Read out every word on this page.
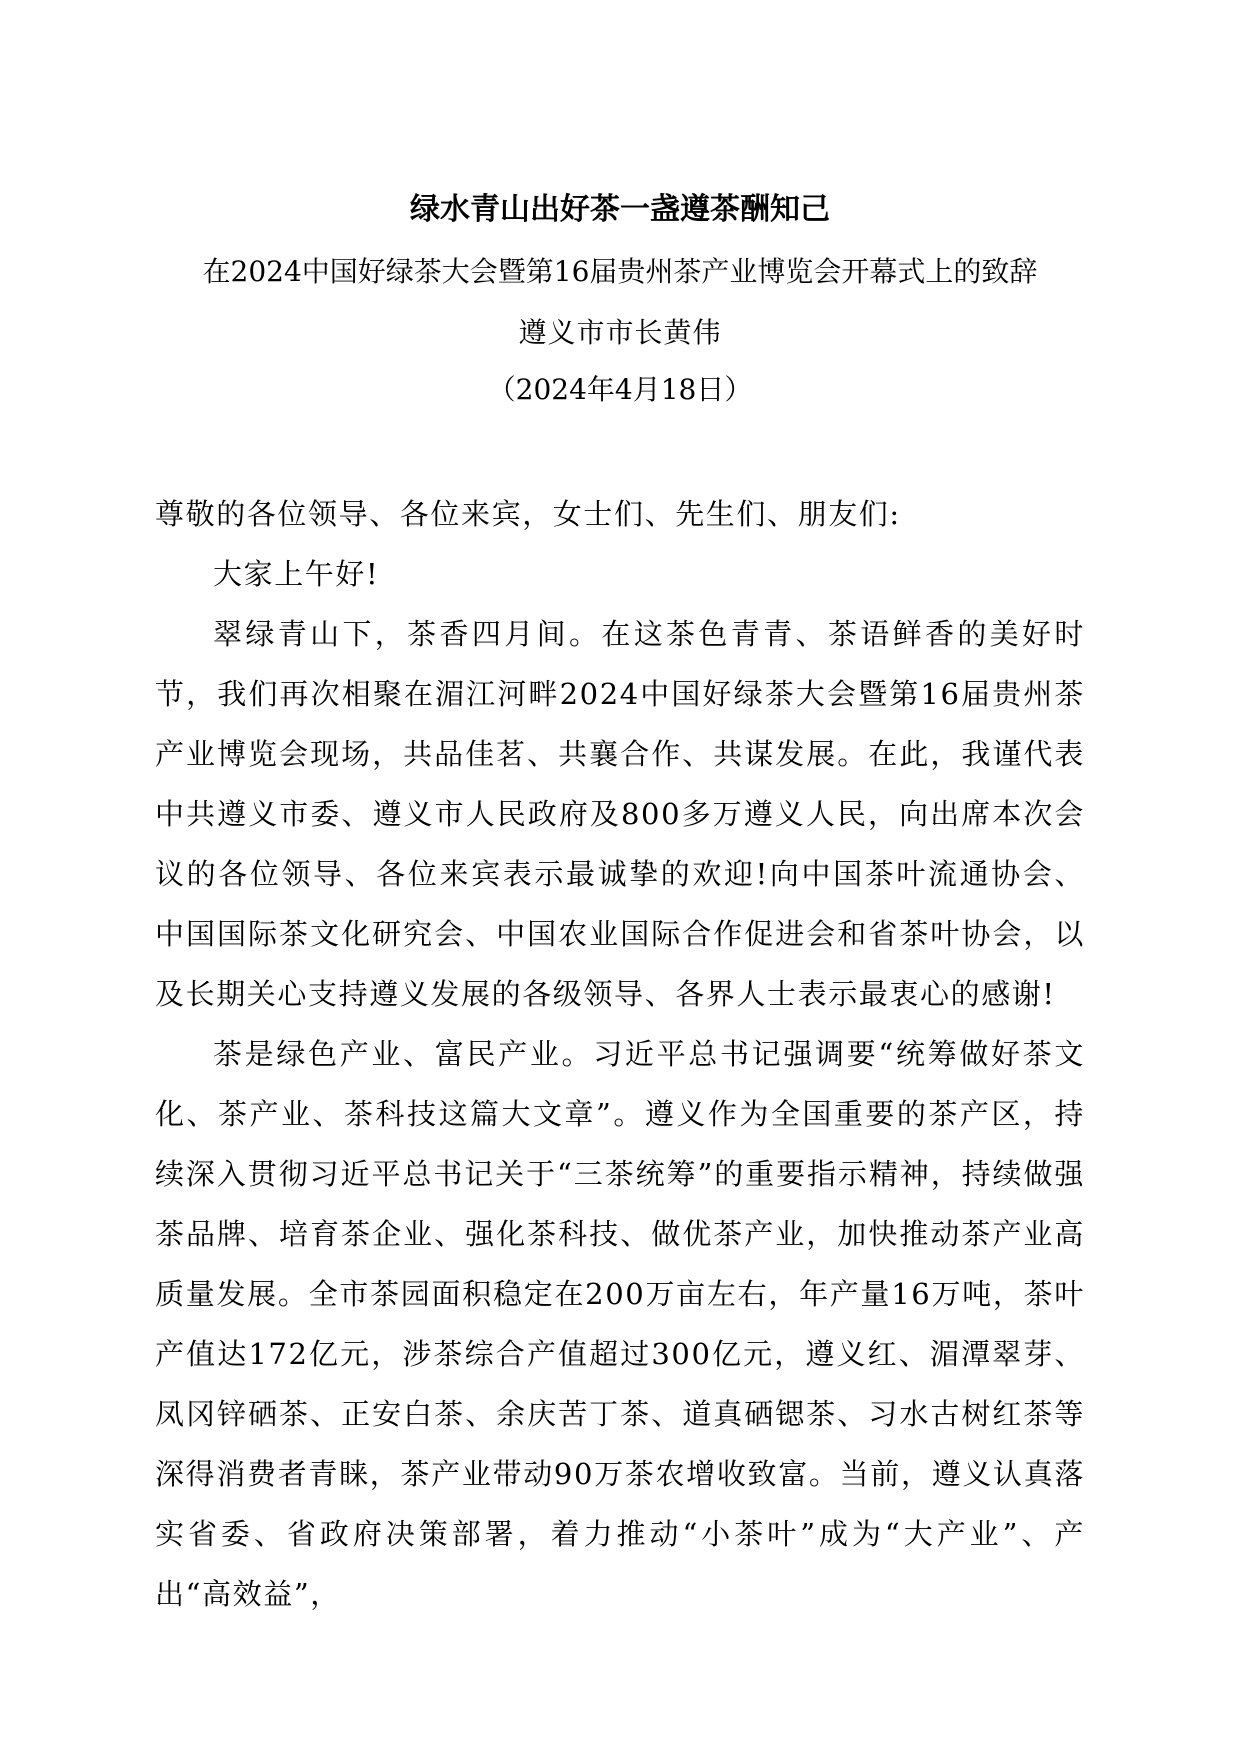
绿水青山出好茶一盏遵茶酬知己
在2024中国好绿茶大会暨第16届贵州茶产业博览会开幕式上的致辞
遵义市市长黄伟
（2024年4月18日）

尊敬的各位领导、各位来宾，女士们、先生们、朋友们:

大家上午好!

翠绿青山下，茶香四月间。在这茶色青青、茶语鲜香的美好时节，我们再次相聚在湄江河畔2024中国好绿茶大会暨第16届贵州茶产业博览会现场，共品佳茗、共襄合作、共谋发展。在此，我谨代表中共遵义市委、遵义市人民政府及800多万遵义人民，向出席本次会议的各位领导、各位来宾表示最诚挚的欢迎!向中国茶叶流通协会、中国国际茶文化研究会、中国农业国际合作促进会和省茶叶协会，以及长期关心支持遵义发展的各级领导、各界人士表示最衷心的感谢!

茶是绿色产业、富民产业。习近平总书记强调要“统筹做好茶文化、茶产业、茶科技这篇大文章”。遵义作为全国重要的茶产区，持续深入贯彻习近平总书记关于“三茶统筹”的重要指示精神，持续做强茶品牌、培育茶企业、强化茶科技、做优茶产业，加快推动茶产业高质量发展。全市茶园面积稳定在200万亩左右，年产量16万吨，茶叶产值达172亿元，涉茶综合产值超过300亿元，遵义红、湄潭翠芽、凤冈锌硒茶、正安白茶、余庆苦丁茶、道真硒锶茶、习水古树红茶等深得消费者青睐，茶产业带动90万茶农增收致富。当前，遵义认真落实省委、省政府决策部署，着力推动“小茶叶”成为“大产业”、产出“高效益”，
